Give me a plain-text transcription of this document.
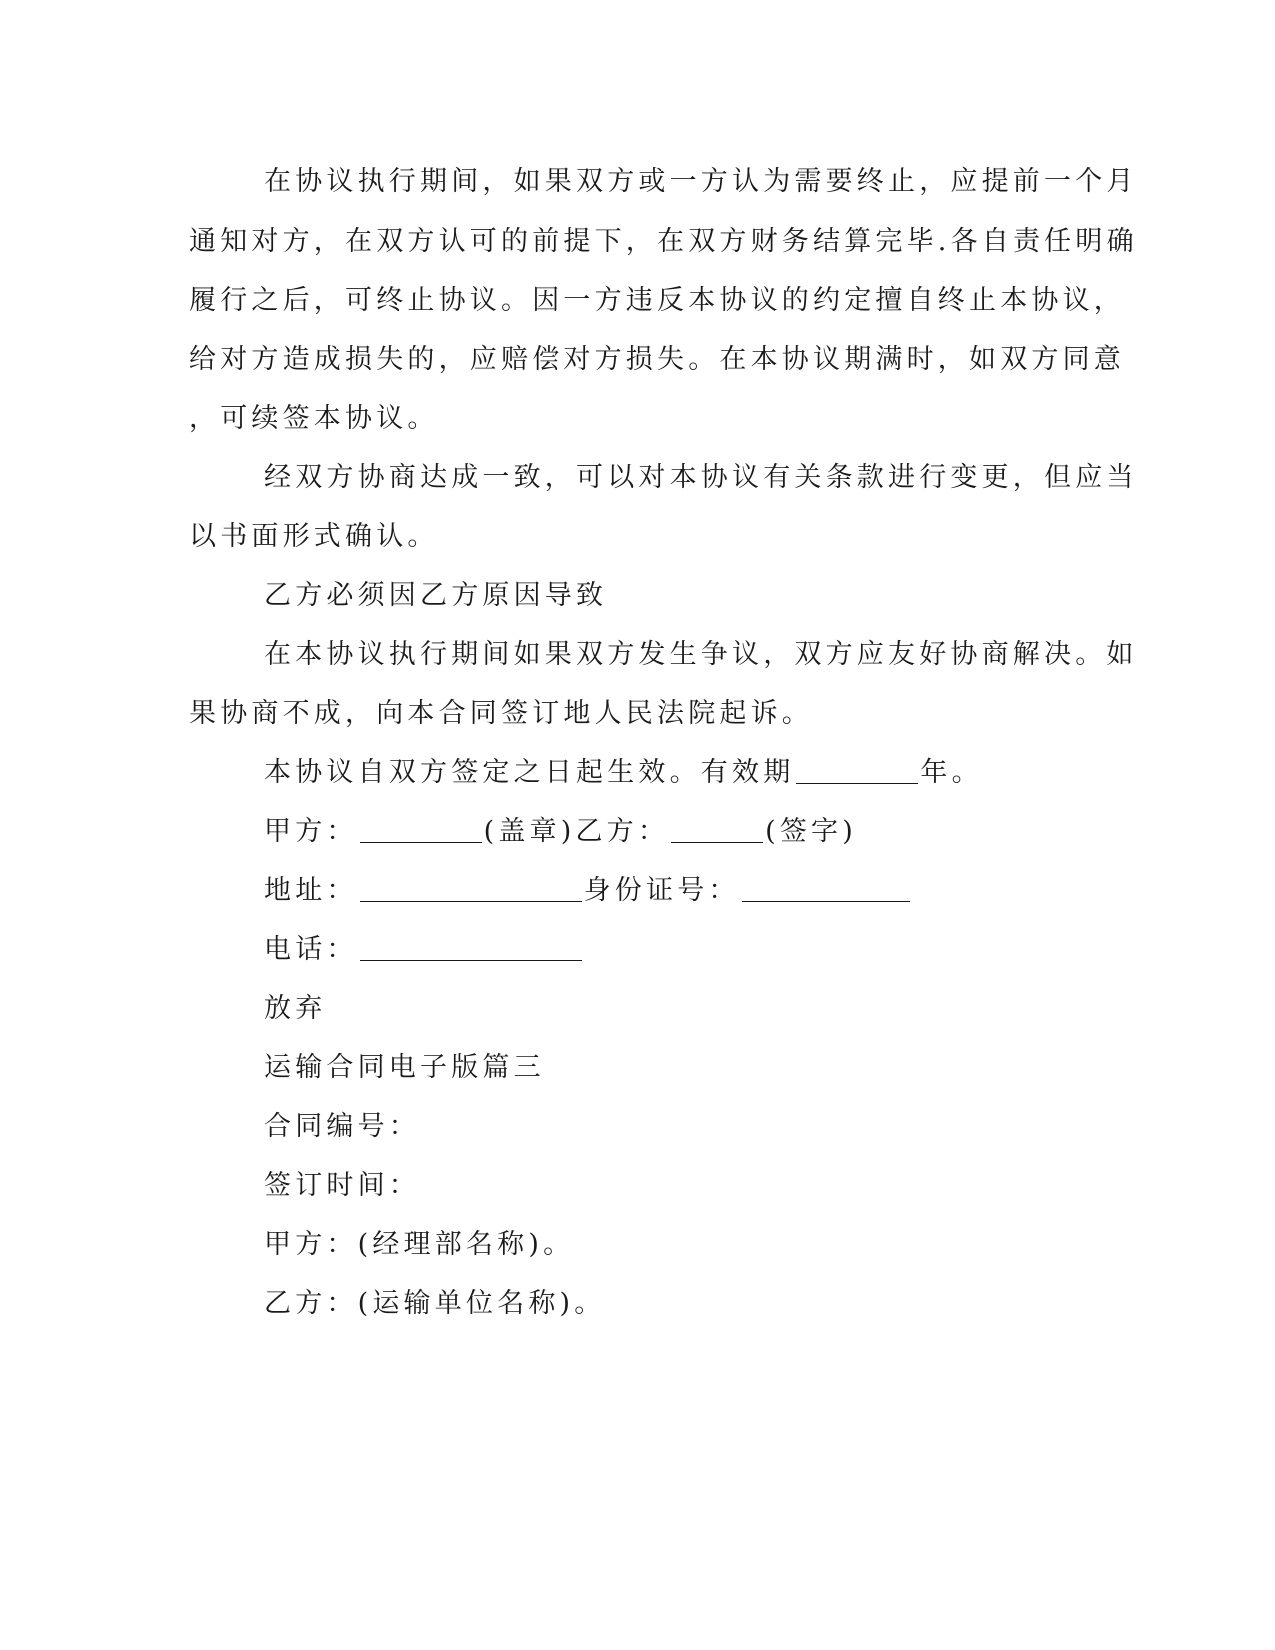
在协议执行期间，如果双方或一方认为需要终止，应提前一个月
通知对方，在双方认可的前提下，在双方财务结算完毕.各自责任明确
履行之后，可终止协议。因一方违反本协议的约定擅自终止本协议，
给对方造成损失的，应赔偿对方损失。在本协议期满时，如双方同意
，可续签本协议。
经双方协商达成一致，可以对本协议有关条款进行变更，但应当
以书面形式确认。
乙方必须因乙方原因导致
在本协议执行期间如果双方发生争议，双方应友好协商解决。如
果协商不成，向本合同签订地人民法院起诉。
本协议自双方签定之日起生效。有效期	年。
甲方：	(盖章)乙方：	(签字)
地址：	身份证号：
电话：
放弃
运输合同电子版篇三
合同编号：
签订时间：
甲方：(经理部名称)。
乙方：(运输单位名称)。
